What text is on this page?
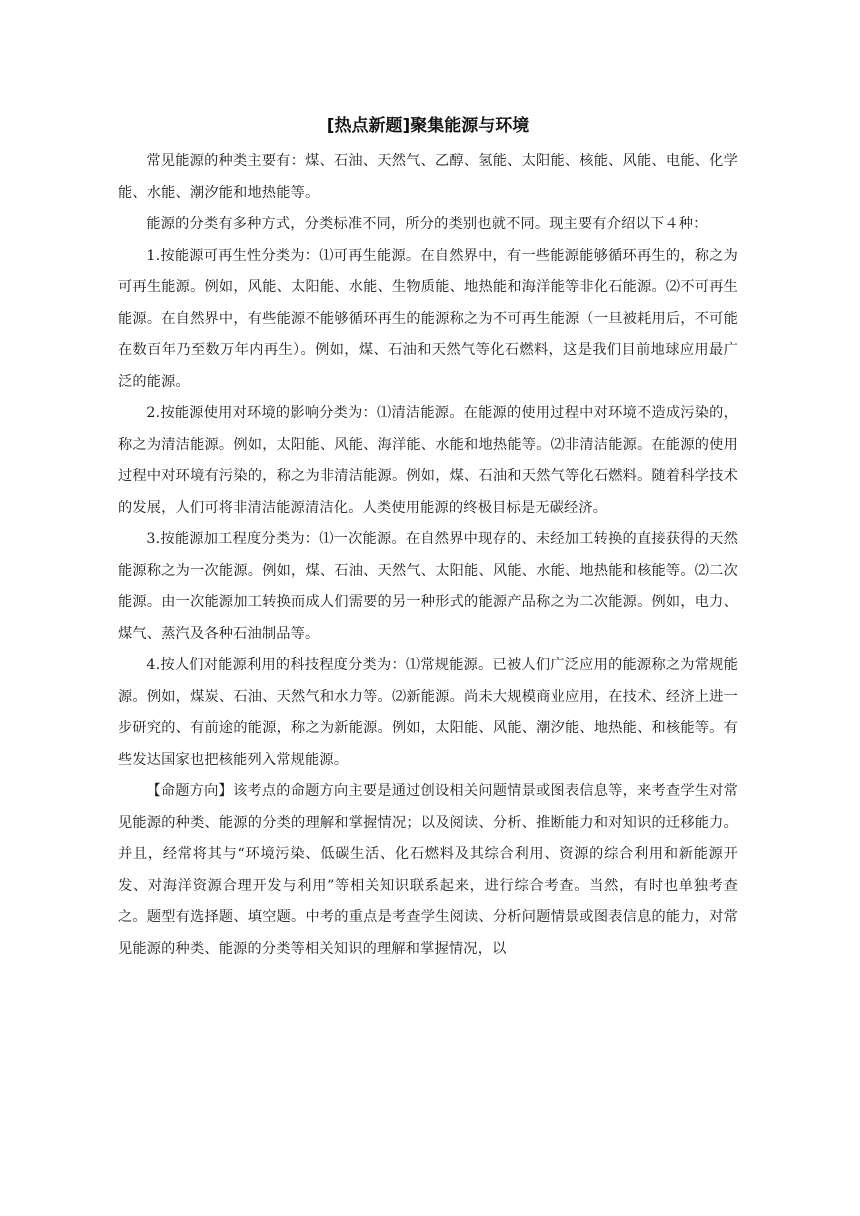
[热点新题]聚集能源与环境

常见能源的种类主要有：煤、石油、天然气、乙醇、氢能、太阳能、核能、风能、电能、化学能、水能、潮汐能和地热能等。

能源的分类有多种方式，分类标准不同，所分的类别也就不同。现主要有介绍以下４种：

1.按能源可再生性分类为：⑴可再生能源。在自然界中，有一些能源能够循环再生的，称之为可再生能源。例如，风能、太阳能、水能、生物质能、地热能和海洋能等非化石能源。⑵不可再生能源。在自然界中，有些能源不能够循环再生的能源称之为不可再生能源（一旦被耗用后，不可能在数百年乃至数万年内再生）。例如，煤、石油和天然气等化石燃料，这是我们目前地球应用最广泛的能源。

2.按能源使用对环境的影响分类为：⑴清洁能源。在能源的使用过程中对环境不造成污染的，称之为清洁能源。例如，太阳能、风能、海洋能、水能和地热能等。⑵非清洁能源。在能源的使用过程中对环境有污染的，称之为非清洁能源。例如，煤、石油和天然气等化石燃料。随着科学技术的发展，人们可将非清洁能源清洁化。人类使用能源的终极目标是无碳经济。

3.按能源加工程度分类为：⑴一次能源。在自然界中现存的、未经加工转换的直接获得的天然能源称之为一次能源。例如，煤、石油、天然气、太阳能、风能、水能、地热能和核能等。⑵二次能源。由一次能源加工转换而成人们需要的另一种形式的能源产品称之为二次能源。例如，电力、煤气、蒸汽及各种石油制品等。

4.按人们对能源利用的科技程度分类为：⑴常规能源。已被人们广泛应用的能源称之为常规能源。例如，煤炭、石油、天然气和水力等。⑵新能源。尚未大规模商业应用，在技术、经济上进一步研究的、有前途的能源，称之为新能源。例如，太阳能、风能、潮汐能、地热能、和核能等。有些发达国家也把核能列入常规能源。

【命题方向】该考点的命题方向主要是通过创设相关问题情景或图表信息等，来考查学生对常见能源的种类、能源的分类的理解和掌握情况；以及阅读、分析、推断能力和对知识的迁移能力。并且，经常将其与“环境污染、低碳生活、化石燃料及其综合利用、资源的综合利用和新能源开发、对海洋资源合理开发与利用”等相关知识联系起来，进行综合考查。当然，有时也单独考查之。题型有选择题、填空题。中考的重点是考查学生阅读、分析问题情景或图表信息的能力，对常见能源的种类、能源的分类等相关知识的理解和掌握情况，以
